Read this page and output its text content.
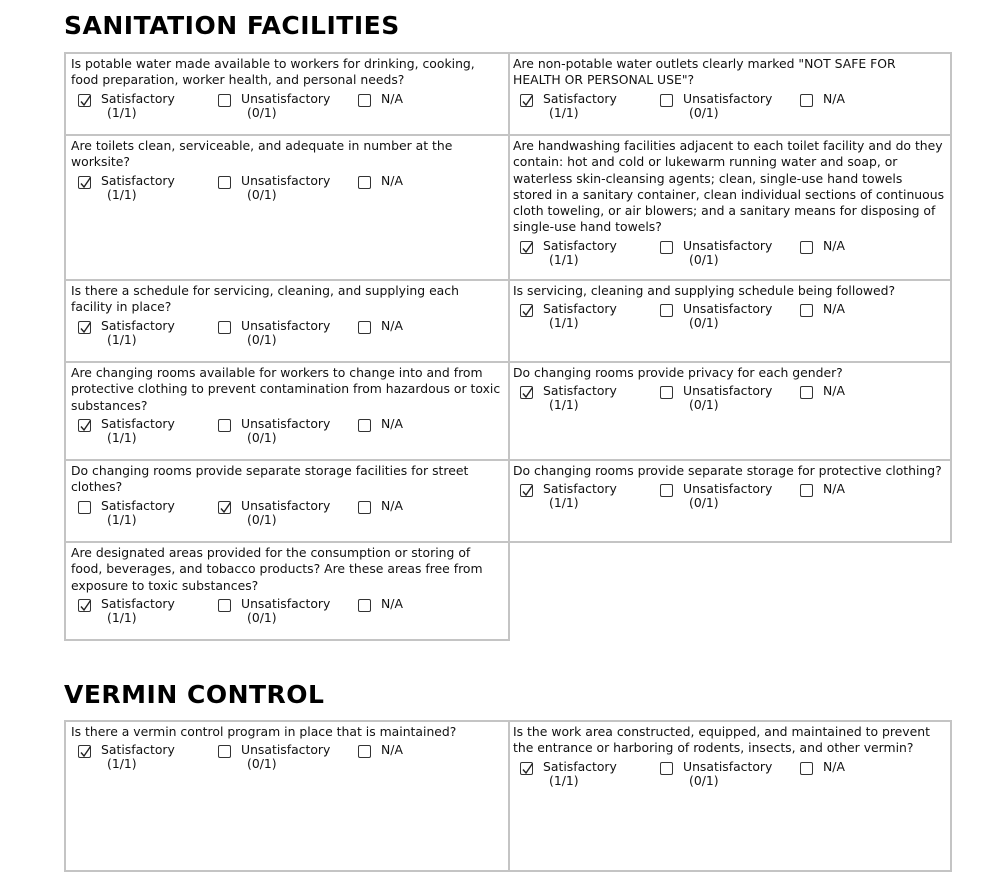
SANITATION FACILITIES

Is potable water made available to workers for drinking, cooking, food preparation, worker health, and personal needs?

Satisfactory
(1/1)
Unsatisfactory
(0/1)
N/A

Are non-potable water outlets clearly marked "NOT SAFE FOR HEALTH OR PERSONAL USE"?

Satisfactory
(1/1)
Unsatisfactory
(0/1)
N/A

Are toilets clean, serviceable, and adequate in number at the worksite?

Satisfactory
(1/1)
Unsatisfactory
(0/1)
N/A

Are handwashing facilities adjacent to each toilet facility and do they contain: hot and cold or lukewarm running water and soap, or waterless skin-cleansing agents; clean, single-use hand towels stored in a sanitary container, clean individual sections of continuous cloth toweling, or air blowers; and a sanitary means for disposing of single-use hand towels?

Satisfactory
(1/1)
Unsatisfactory
(0/1)
N/A

Is there a schedule for servicing, cleaning, and supplying each facility in place?

Satisfactory
(1/1)
Unsatisfactory
(0/1)
N/A

Is servicing, cleaning and supplying schedule being followed?

Satisfactory
(1/1)
Unsatisfactory
(0/1)
N/A

Are changing rooms available for workers to change into and from protective clothing to prevent contamination from hazardous or toxic substances?

Satisfactory
(1/1)
Unsatisfactory
(0/1)
N/A

Do changing rooms provide privacy for each gender?

Satisfactory
(1/1)
Unsatisfactory
(0/1)
N/A

Do changing rooms provide separate storage facilities for street clothes?

Satisfactory
(1/1)
Unsatisfactory
(0/1)
N/A

Do changing rooms provide separate storage for protective clothing?

Satisfactory
(1/1)
Unsatisfactory
(0/1)
N/A

Are designated areas provided for the consumption or storing of food, beverages, and tobacco products? Are these areas free from exposure to toxic substances?

Satisfactory
(1/1)
Unsatisfactory
(0/1)
N/A
VERMIN CONTROL

Is there a vermin control program in place that is maintained?

Satisfactory
(1/1)
Unsatisfactory
(0/1)
N/A

Is the work area constructed, equipped, and maintained to prevent the entrance or harboring of rodents, insects, and other vermin?

Satisfactory
(1/1)
Unsatisfactory
(0/1)
N/A
